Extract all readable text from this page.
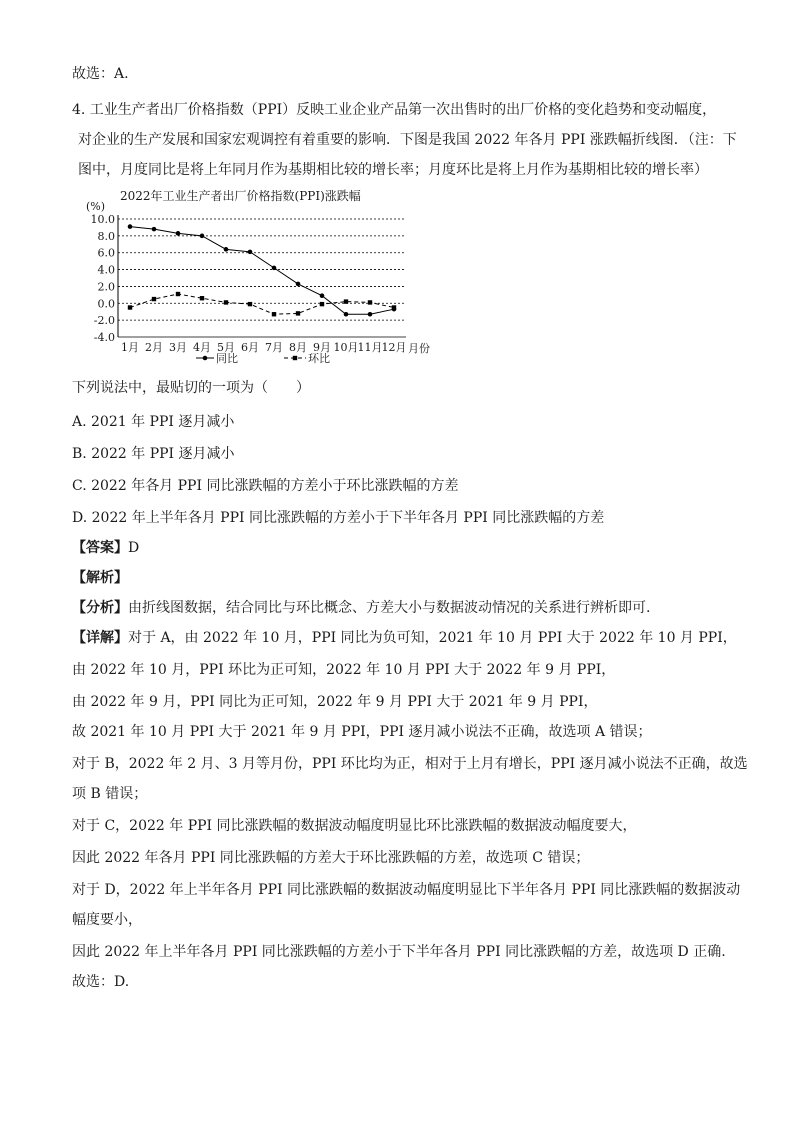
故选：A.
4. 工业生产者出厂价格指数（PPI）反映工业企业产品第一次出售时的出厂价格的变化趋势和变动幅度，
对企业的生产发展和国家宏观调控有着重要的影响．下图是我国 2022 年各月 PPI 涨跌幅折线图．（注：下
图中，月度同比是将上年同月作为基期相比较的增长率；月度环比是将上月作为基期相比较的增长率）
2022年工业生产者出厂价格指数(PPI)涨跌幅
(%)
10.0
8.0
6.0
4.0
2.0
0.0
-2.0
-4.0
1月 2月 3月 4月 5月 6月 7月 8月 9月 10月 11月 12月 月份
同比	环比
下列说法中，最贴切的一项为（　　）
A. 2021 年 PPI 逐月减小
B. 2022 年 PPI 逐月减小
C. 2022 年各月 PPI 同比涨跌幅的方差小于环比涨跌幅的方差
D. 2022 年上半年各月 PPI 同比涨跌幅的方差小于下半年各月 PPI 同比涨跌幅的方差
【答案】D
【解析】
【分析】由折线图数据，结合同比与环比概念、方差大小与数据波动情况的关系进行辨析即可.
【详解】对于 A，由 2022 年 10 月，PPI 同比为负可知，2021 年 10 月 PPI 大于 2022 年 10 月 PPI，
由 2022 年 10 月，PPI 环比为正可知，2022 年 10 月 PPI 大于 2022 年 9 月 PPI，
由 2022 年 9 月，PPI 同比为正可知，2022 年 9 月 PPI 大于 2021 年 9 月 PPI，
故 2021 年 10 月 PPI 大于 2021 年 9 月 PPI，PPI 逐月减小说法不正确，故选项 A 错误；
对于 B，2022 年 2 月、3 月等月份，PPI 环比均为正，相对于上月有增长，PPI 逐月减小说法不正确，故选
项 B 错误；
对于 C，2022 年 PPI 同比涨跌幅的数据波动幅度明显比环比涨跌幅的数据波动幅度要大，
因此 2022 年各月 PPI 同比涨跌幅的方差大于环比涨跌幅的方差，故选项 C 错误；
对于 D，2022 年上半年各月 PPI 同比涨跌幅的数据波动幅度明显比下半年各月 PPI 同比涨跌幅的数据波动
幅度要小，
因此 2022 年上半年各月 PPI 同比涨跌幅的方差小于下半年各月 PPI 同比涨跌幅的方差，故选项 D 正确.
故选：D.
